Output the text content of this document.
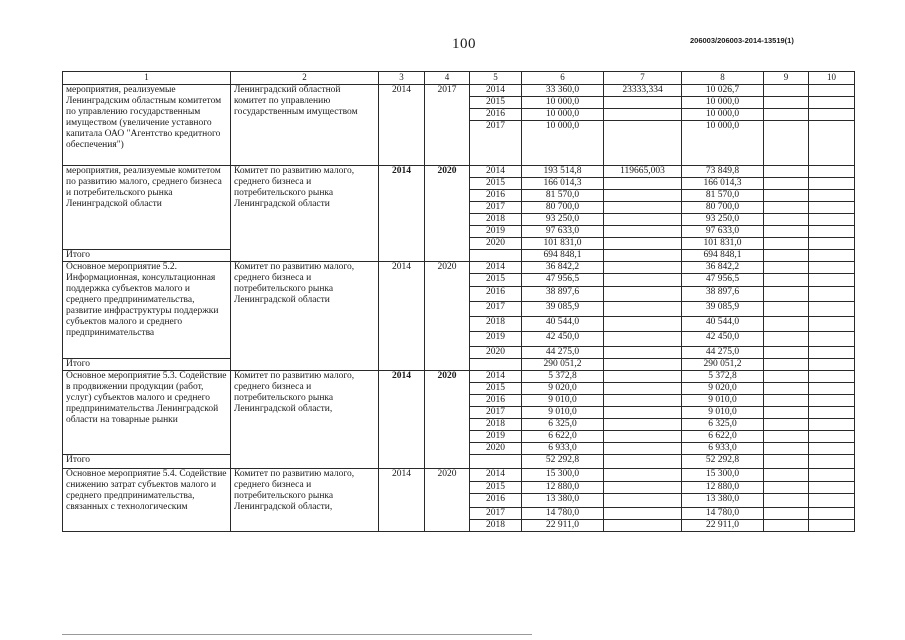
100	206003/206003-2014-13519(1)
1	2	3	4	5	6	7	8	9	10
мероприятия, реализуемые Ленинградским областным комитетом по управлению государственным имуществом (увеличение уставного капитала ОАО "Агентство кредитного обеспечения")	Ленинградский областной комитет по управлению государственным имуществом	2014	2017	2014	33 360,0	23333,334	10 026,7		
				2015	10 000,0		10 000,0		
				2016	10 000,0		10 000,0		
				2017	10 000,0		10 000,0		
мероприятия, реализуемые комитетом по развитию малого, среднего бизнеса и потребительского рынка Ленинградской области	Комитет по развитию малого, среднего бизнеса и потребительского рынка Ленинградской области	2014	2020	2014	193 514,8	119665,003	73 849,8		
				2015	166 014,3		166 014,3		
				2016	81 570,0		81 570,0		
				2017	80 700,0		80 700,0		
				2018	93 250,0		93 250,0		
				2019	97 633,0		97 633,0		
				2020	101 831,0		101 831,0		
Итого					694 848,1		694 848,1		
Основное мероприятие 5.2. Информационная, консультационная поддержка субъектов малого и среднего предпринимательства, развитие инфраструктуры поддержки субъектов малого и среднего предпринимательства	Комитет по развитию малого, среднего бизнеса и потребительского рынка Ленинградской области	2014	2020	2014	36 842,2		36 842,2		
				2015	47 956,5		47 956,5		
				2016	38 897,6		38 897,6		
				2017	39 085,9		39 085,9		
				2018	40 544,0		40 544,0		
				2019	42 450,0		42 450,0		
				2020	44 275,0		44 275,0		
Итого					290 051,2		290 051,2		
Основное мероприятие 5.3. Содействие в продвижении продукции (работ, услуг) субъектов малого и среднего предпринимательства Ленинградской области на товарные рынки	Комитет по развитию малого, среднего бизнеса и потребительского рынка Ленинградской области,	2014	2020	2014	5 372,8		5 372,8		
				2015	9 020,0		9 020,0		
				2016	9 010,0		9 010,0		
				2017	9 010,0		9 010,0		
				2018	6 325,0		6 325,0		
				2019	6 622,0		6 622,0		
				2020	6 933,0		6 933,0		
Итого					52 292,8		52 292,8		
Основное мероприятие 5.4. Содействие снижению затрат субъектов малого и среднего предпринимательства, связанных с технологическим	Комитет по развитию малого, среднего бизнеса и потребительского рынка Ленинградской области,	2014	2020	2014	15 300,0		15 300,0		
				2015	12 880,0		12 880,0		
				2016	13 380,0		13 380,0		
				2017	14 780,0		14 780,0		
				2018	22 911,0		22 911,0		
